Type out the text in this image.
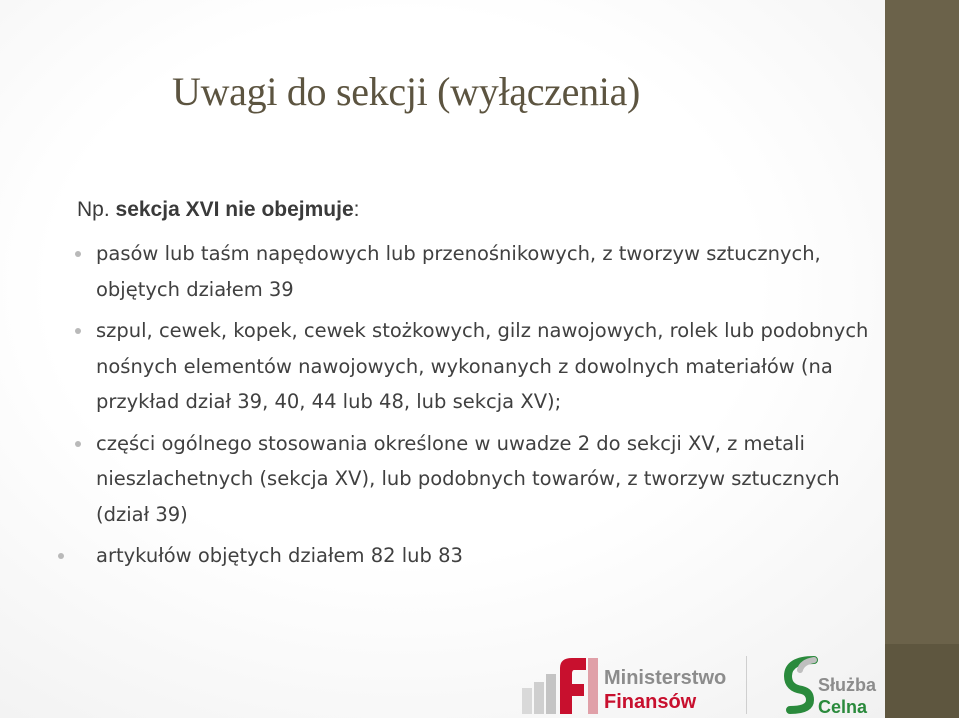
Uwagi do sekcji (wyłączenia)
Np. sekcja XVI nie obejmuje:
pasów lub taśm napędowych lub przenośnikowych, z tworzyw sztucznych, objętych działem 39
szpul, cewek, kopek, cewek stożkowych, gilz nawojowych, rolek lub podobnych nośnych elementów nawojowych, wykonanych z dowolnych materiałów (na przykład dział 39, 40, 44 lub 48, lub sekcja XV);
części ogólnego stosowania określone w uwadze 2 do sekcji XV, z metali nieszlachetnych (sekcja XV), lub podobnych towarów, z tworzyw sztucznych (dział 39)
artykułów objętych działem 82 lub 83
Ministerstwo
Finansów
Służba
Celna
